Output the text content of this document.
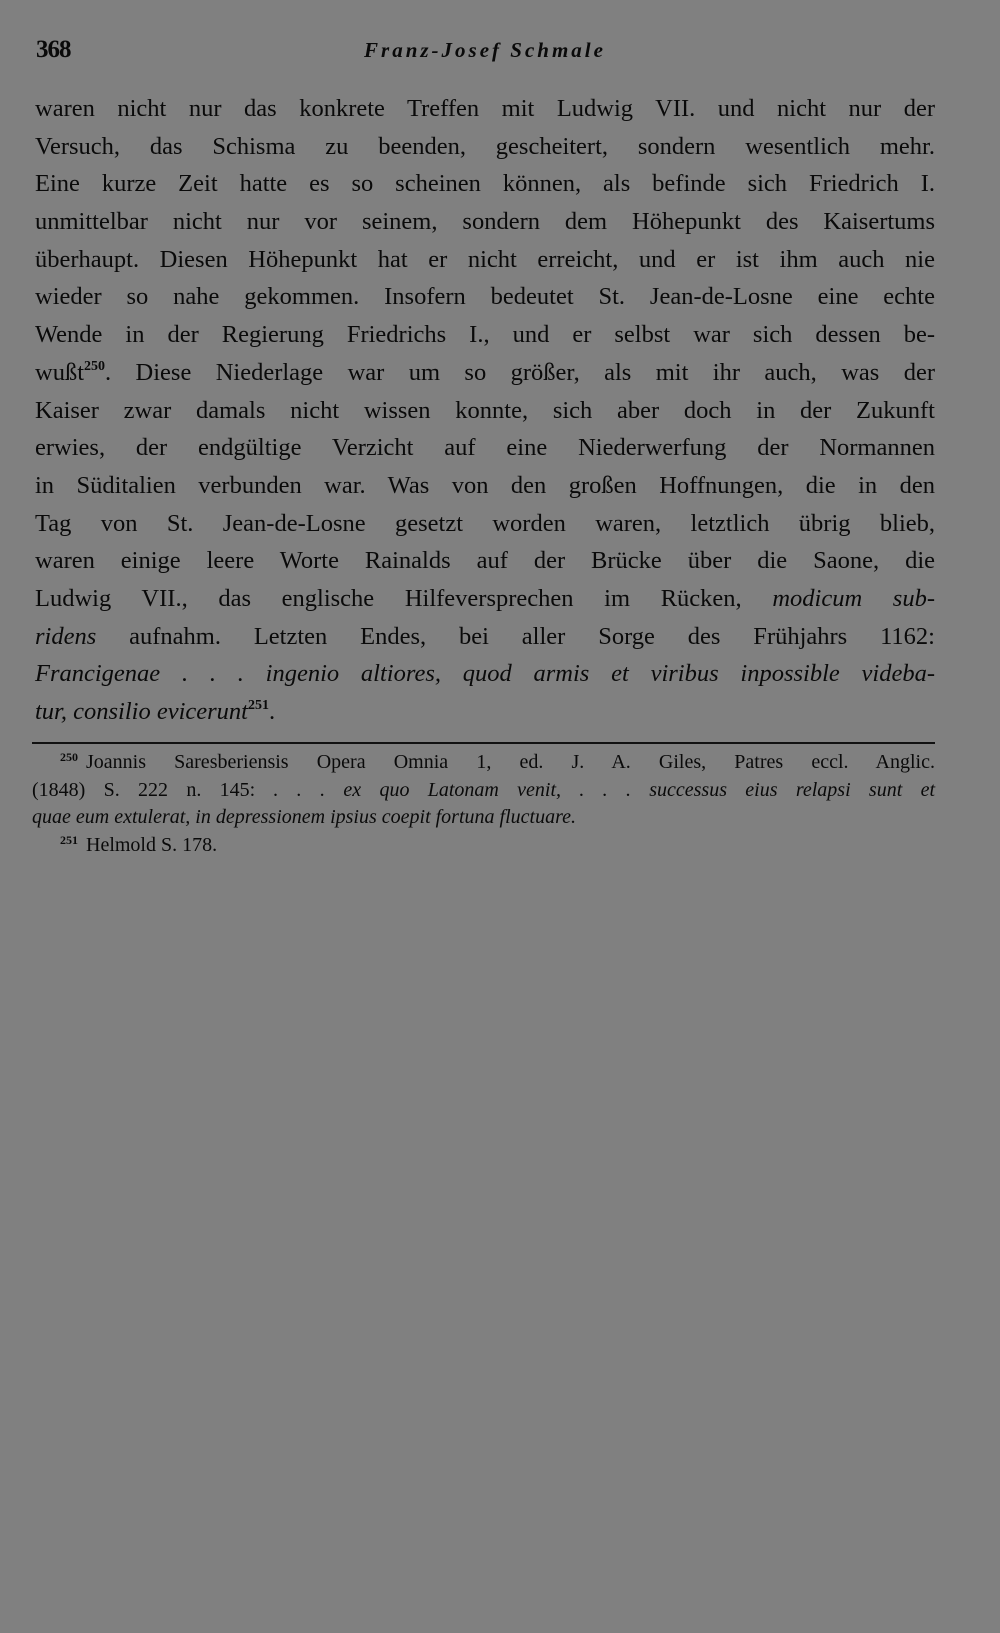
368	Franz-Josef Schmale
waren nicht nur das konkrete Treffen mit Ludwig VII. und nicht nur der
Versuch, das Schisma zu beenden, gescheitert, sondern wesentlich mehr.
Eine kurze Zeit hatte es so scheinen können, als befinde sich Friedrich I.
unmittelbar nicht nur vor seinem, sondern dem Höhepunkt des Kaisertums
überhaupt. Diesen Höhepunkt hat er nicht erreicht, und er ist ihm auch nie
wieder so nahe gekommen. Insofern bedeutet St. Jean-de-Losne eine echte
Wende in der Regierung Friedrichs I., und er selbst war sich dessen be-
wußt$^{250}$. Diese Niederlage war um so größer, als mit ihr auch, was der
Kaiser zwar damals nicht wissen konnte, sich aber doch in der Zukunft
erwies, der endgültige Verzicht auf eine Niederwerfung der Normannen
in Süditalien verbunden war. Was von den großen Hoffnungen, die in den
Tag von St. Jean-de-Losne gesetzt worden waren, letztlich übrig blieb,
waren einige leere Worte Rainalds auf der Brücke über die Saone, die
Ludwig VII., das englische Hilfeversprechen im Rücken, modicum sub-
ridens aufnahm. Letzten Endes, bei aller Sorge des Frühjahrs 1162:
Francigenae . . . ingenio altiores, quod armis et viribus inpossible videba-
tur, consilio evicerunt$^{251}$.
$^{250}$ Joannis Saresberiensis Opera Omnia 1, ed. J. A. Giles, Patres eccl. Anglic.
(1848) S. 222 n. 145: . . . ex quo Latonam venit, . . . successus eius relapsi sunt et
quae eum extulerat, in depressionem ipsius coepit fortuna fluctuare.
$^{251}$ Helmold S. 178.
